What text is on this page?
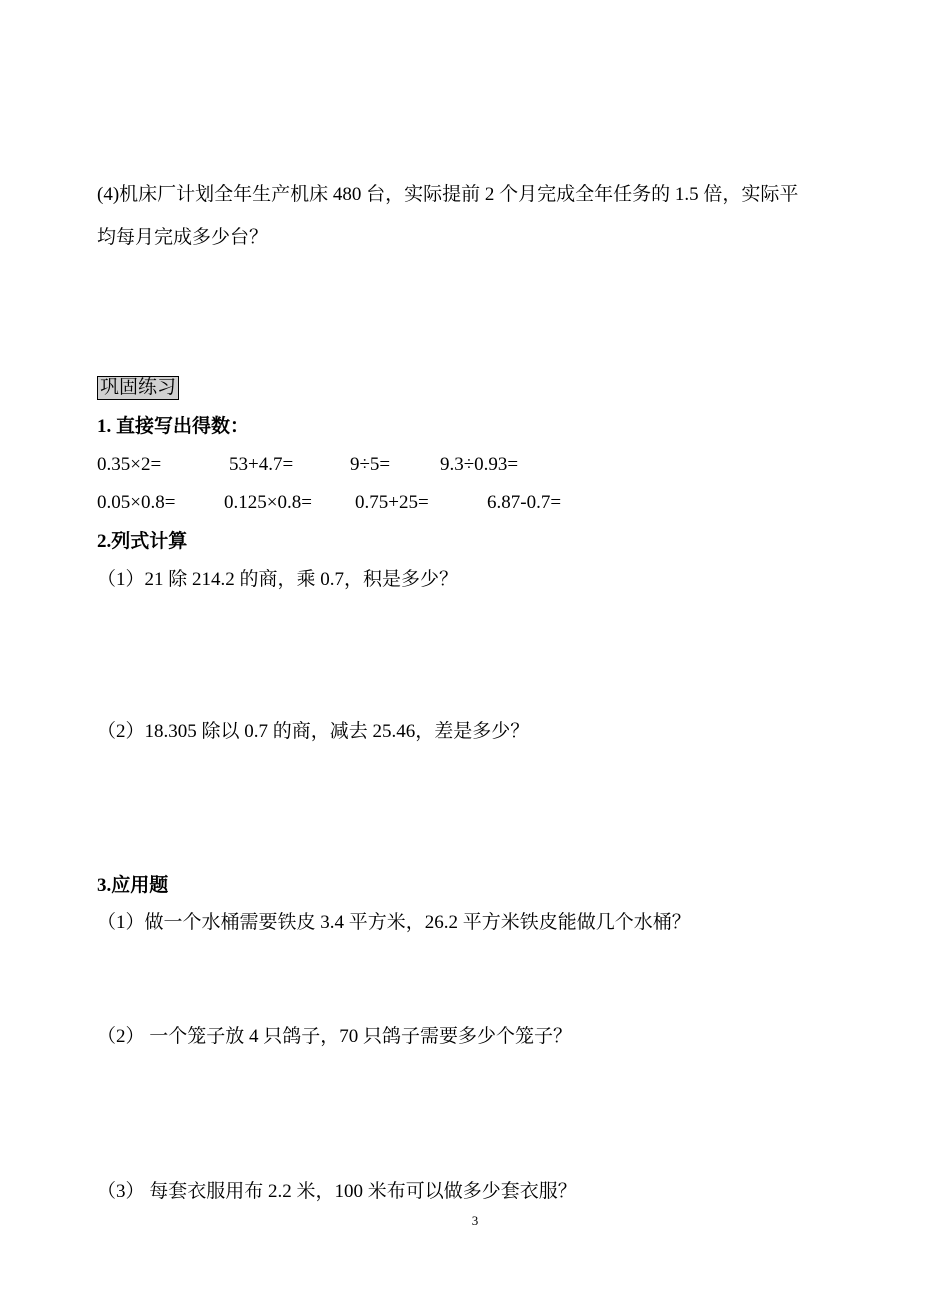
(4)机床厂计划全年生产机床 480 台，实际提前 2 个月完成全年任务的 1.5 倍，实际平
均每月完成多少台？
巩固练习
1. 直接写出得数：
0.35×2=	53+4.7=	9÷5=	9.3÷0.93=
0.05×0.8=	0.125×0.8= 0.75+25=	6.87-0.7=
2.列式计算
（1）21 除 214.2 的商，乘 0.7，积是多少？
（2）18.305 除以 0.7 的商，减去 25.46，差是多少？
3.应用题
（1）做一个水桶需要铁皮 3.4 平方米，26.2 平方米铁皮能做几个水桶？
（2） 一个笼子放 4 只鸽子，70 只鸽子需要多少个笼子？
（3） 每套衣服用布 2.2 米，100 米布可以做多少套衣服？
3
